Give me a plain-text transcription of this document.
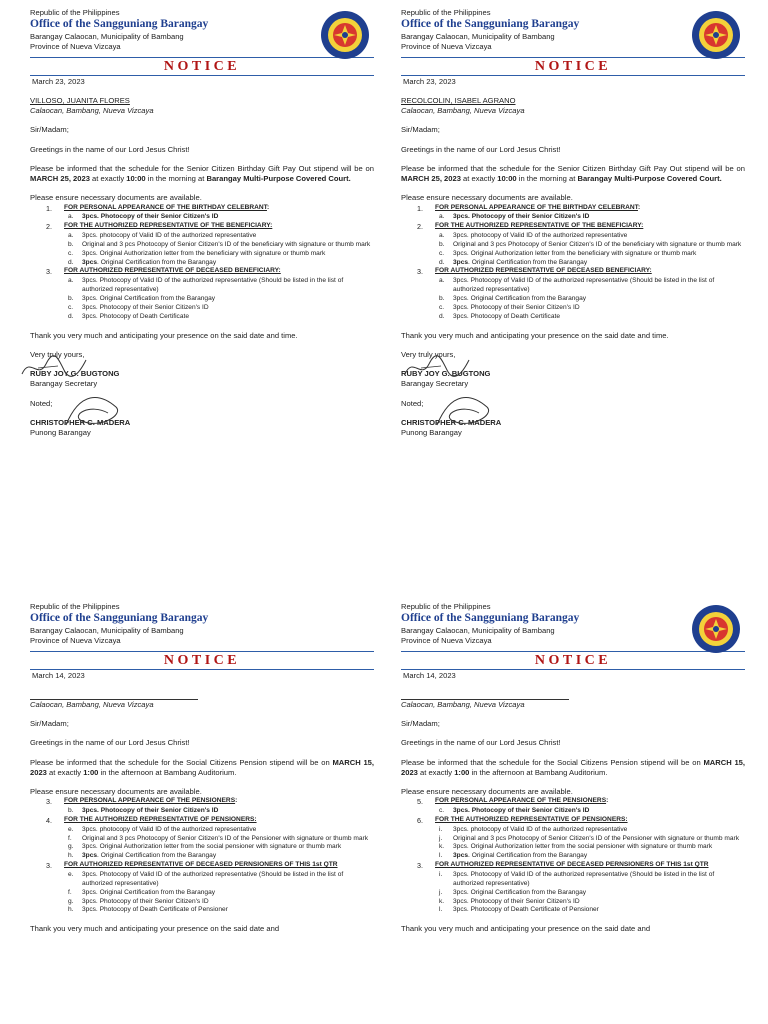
Republic of the Philippines
Office of the Sangguniang Barangay
Barangay Calaocan, Municipality of Bambang
Province of Nueva Vizcaya
NOTICE
March 23, 2023
VILLOSO, JUANITA FLORES
Calaocan, Bambang, Nueva Vizcaya
Sir/Madam;
Greetings in the name of our Lord Jesus Christ!
Please be informed that the schedule for the Senior Citizen Birthday Gift Pay Out stipend will be on MARCH 25, 2023 at exactly 10:00 in the morning at Barangay Multi-Purpose Covered Court.
Please ensure necessary documents are available.
1.	FOR PERSONAL APPEARANCE OF THE BIRTHDAY CELEBRANT:
a.	3pcs. Photocopy of their Senior Citizen's ID
2.	FOR THE AUTHORIZED REPRESENTATIVE OF THE BENEFICIARY:
a.	3pcs. photocopy of Valid ID of the authorized representative
b.	Original and 3 pcs Photocopy of Senior Citizen's ID of the beneficiary with signature or thumb mark
c.	3pcs. Original Authorization letter from the beneficiary with signature or thumb mark
d.	3pcs. Original Certification from the Barangay
3.	FOR AUTHORIZED REPRESENTATIVE OF DECEASED BENEFICIARY:
a.	3pcs. Photocopy of Valid ID of the authorized representative (Should be listed in the list of authorized representative)
b.	3pcs. Original Certification from the Barangay
c.	3pcs. Photocopy of their Senior Citizen's ID
d.	3pcs. Photocopy of Death Certificate
Thank you very much and anticipating your presence on the said date and time.
Very truly yours,
RUBY JOY G. BUGTONG
Barangay Secretary
Noted;
CHRISTOPHER C. MADERA
Punong Barangay
Republic of the Philippines
Office of the Sangguniang Barangay
Barangay Calaocan, Municipality of Bambang
Province of Nueva Vizcaya
NOTICE
March 23, 2023
RECOLCOLIN, ISABEL AGRANO
Calaocan, Bambang, Nueva Vizcaya
Sir/Madam;
Greetings in the name of our Lord Jesus Christ!
Please be informed that the schedule for the Senior Citizen Birthday Gift Pay Out stipend will be on MARCH 25, 2023 at exactly 10:00 in the morning at Barangay Multi-Purpose Covered Court.
Please ensure necessary documents are available.
1.	FOR PERSONAL APPEARANCE OF THE BIRTHDAY CELEBRANT:
a.	3pcs. Photocopy of their Senior Citizen's ID
2.	FOR THE AUTHORIZED REPRESENTATIVE OF THE BENEFICIARY:
a.	3pcs. photocopy of Valid ID of the authorized representative
b.	Original and 3 pcs Photocopy of Senior Citizen's ID of the beneficiary with signature or thumb mark
c.	3pcs. Original Authorization letter from the beneficiary with signature or thumb mark
d.	3pcs. Original Certification from the Barangay
3.	FOR AUTHORIZED REPRESENTATIVE OF DECEASED BENEFICIARY:
a.	3pcs. Photocopy of Valid ID of the authorized representative (Should be listed in the list of authorized representative)
b.	3pcs. Original Certification from the Barangay
c.	3pcs. Photocopy of their Senior Citizen's ID
d.	3pcs. Photocopy of Death Certificate
Thank you very much and anticipating your presence on the said date and time.
Very truly yours,
RUBY JOY G. BUGTONG
Barangay Secretary
Noted;
CHRISTOPHER C. MADERA
Punong Barangay
Republic of the Philippines
Office of the Sangguniang Barangay
Barangay Calaocan, Municipality of Bambang
Province of Nueva Vizcaya
NOTICE
March 14, 2023
Calaocan, Bambang, Nueva Vizcaya
Sir/Madam;
Greetings in the name of our Lord Jesus Christ!
Please be informed that the schedule for the Social Citizens Pension stipend will be on MARCH 15, 2023 at exactly 1:00 in the afternoon at Bambang Auditorium.
Please ensure necessary documents are available.
3.	FOR PERSONAL APPEARANCE OF THE PENSIONERS:
b.	3pcs. Photocopy of their Senior Citizen's ID
4.	FOR THE AUTHORIZED REPRESENTATIVE OF PENSIONERS:
e.	3pcs. photocopy of Valid ID of the authorized representative
f.	Original and 3 pcs Photocopy of Senior Citizen's ID of the Pensioner with signature or thumb mark
g.	3pcs. Original Authorization letter from the social pensioner with signature or thumb mark
h.	3pcs. Original Certification from the Barangay
3.	FOR AUTHORIZED REPRESENTATIVE OF DECEASED PERNSIONERS OF THIS 1st QTR
e.	3pcs. Photocopy of Valid ID of the authorized representative (Should be listed in the list of authorized representative)
f.	3pcs. Original Certification from the Barangay
g.	3pcs. Photocopy of their Senior Citizen's ID
h.	3pcs. Photocopy of Death Certificate of Pensioner
Thank you very much and anticipating your presence on the said date and
Republic of the Philippines
Office of the Sangguniang Barangay
Barangay Calaocan, Municipality of Bambang
Province of Nueva Vizcaya
NOTICE
March 14, 2023
Calaocan, Bambang, Nueva Vizcaya
Sir/Madam;
Greetings in the name of our Lord Jesus Christ!
Please be informed that the schedule for the Social Citizens Pension stipend will be on MARCH 15, 2023 at exactly 1:00 in the afternoon at Bambang Auditorium.
Please ensure necessary documents are available.
5.	FOR PERSONAL APPEARANCE OF THE PENSIONERS:
c.	3pcs. Photocopy of their Senior Citizen's ID
6.	FOR THE AUTHORIZED REPRESENTATIVE OF PENSIONERS:
i.	3pcs. photocopy of Valid ID of the authorized representative
j.	Original and 3 pcs Photocopy of Senior Citizen's ID of the Pensioner with signature or thumb mark
k.	3pcs. Original Authorization letter from the social pensioner with signature or thumb mark
l.	3pcs. Original Certification from the Barangay
3.	FOR AUTHORIZED REPRESENTATIVE OF DECEASED PERNSIONERS OF THIS 1st QTR
i.	3pcs. Photocopy of Valid ID of the authorized representative (Should be listed in the list of authorized representative)
j.	3pcs. Original Certification from the Barangay
k.	3pcs. Photocopy of their Senior Citizen's ID
l.	3pcs. Photocopy of Death Certificate of Pensioner
Thank you very much and anticipating your presence on the said date and
